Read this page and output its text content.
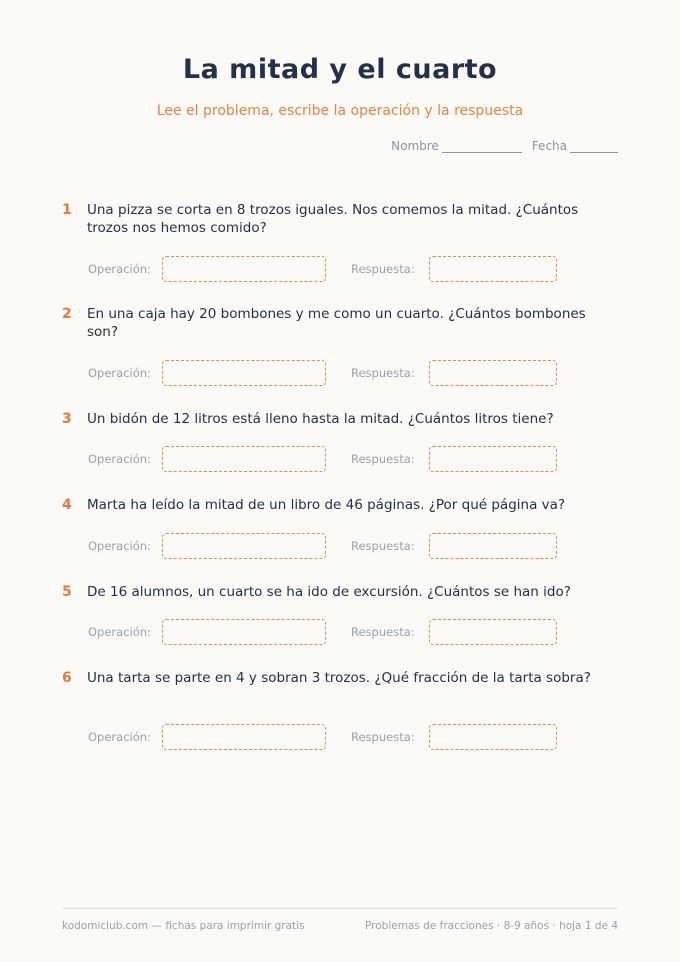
La mitad y el cuarto
Lee el problema, escribe la operación y la respuesta
Nombre	Fecha
1	Una pizza se corta en 8 trozos iguales. Nos comemos la mitad. ¿Cuántos trozos nos hemos comido?
Operación:	Respuesta:
2	En una caja hay 20 bombones y me como un cuarto. ¿Cuántos bombones son?
Operación:	Respuesta:
3	Un bidón de 12 litros está lleno hasta la mitad. ¿Cuántos litros tiene?
Operación:	Respuesta:
4	Marta ha leído la mitad de un libro de 46 páginas. ¿Por qué página va?
Operación:	Respuesta:
5	De 16 alumnos, un cuarto se ha ido de excursión. ¿Cuántos se han ido?
Operación:	Respuesta:
6	Una tarta se parte en 4 y sobran 3 trozos. ¿Qué fracción de la tarta sobra?
Operación:	Respuesta:
kodomiclub.com — fichas para imprimir gratis	Problemas de fracciones · 8-9 años · hoja 1 de 4
